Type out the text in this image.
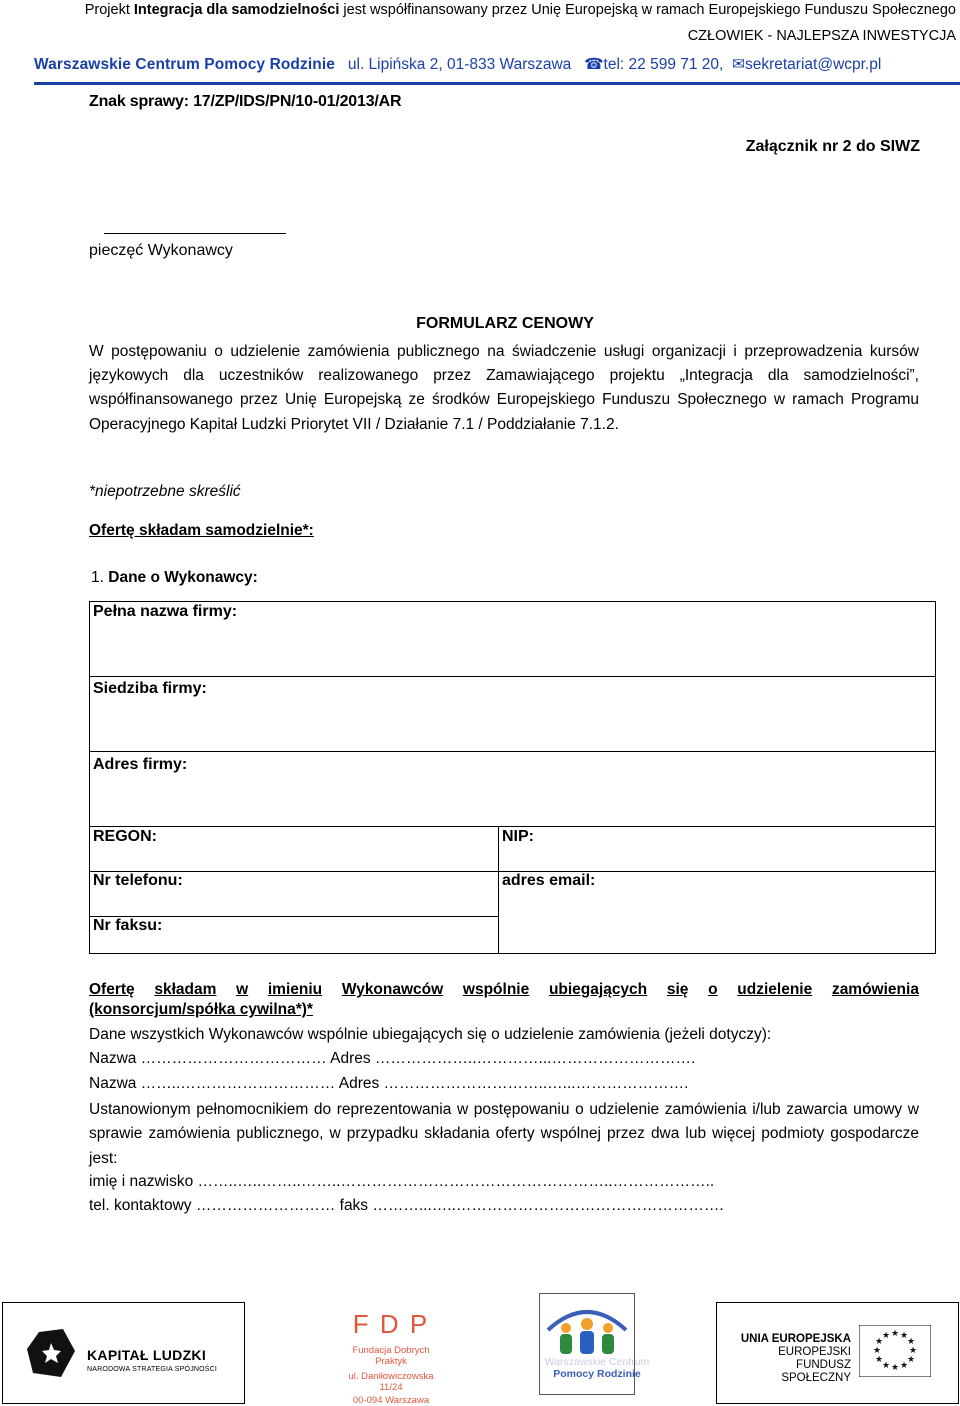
Projekt Integracja dla samodzielności jest współfinansowany przez Unię Europejską w ramach Europejskiego Funduszu Społecznego
CZŁOWIEK - NAJLEPSZA INWESTYCJA
Warszawskie Centrum Pomocy Rodzinie ul. Lipińska 2, 01-833 Warszawa ☎tel: 22 599 71 20, ✉sekretariat@wcpr.pl
Znak sprawy: 17/ZP/IDS/PN/10-01/2013/AR
Załącznik nr 2 do SIWZ
pieczęć Wykonawcy
FORMULARZ CENOWY
W postępowaniu o udzielenie zamówienia publicznego na świadczenie usługi organizacji i przeprowadzenia kursów językowych dla uczestników realizowanego przez Zamawiającego projektu „Integracja dla samodzielności”, współfinansowanego przez Unię Europejską ze środków Europejskiego Funduszu Społecznego w ramach Programu Operacyjnego Kapitał Ludzki Priorytet VII / Działanie 7.1 / Poddziałanie 7.1.2.
*niepotrzebne skreślić
Ofertę składam samodzielnie*:
1. Dane o Wykonawcy:
Pełna nazwa firmy:	
Siedziba firmy:	
Adres firmy:	
REGON:	NIP:
Nr telefonu:	adres email:
Nr faksu:	
Ofertę składam w imieniu Wykonawców wspólnie ubiegających się o udzielenie zamówienia
(konsorcjum/spółka cywilna*)*
Dane wszystkich Wykonawców wspólnie ubiegających się o udzielenie zamówienia (jeżeli dotyczy):
Nazwa ……………………………… Adres ………………..…………...……………………….
Nazwa ……..………………………… Adres …………………………..…...………………….
Ustanowionym pełnomocnikiem do reprezentowania w postępowaniu o udzielenie zamówienia i/lub zawarcia umowy w sprawie zamówienia publicznego, w przypadku składania oferty wspólnej przez dwa lub więcej podmioty gospodarcze jest:
imię i nazwisko ……..…..……..……..……………………………………………..………………..
tel. kontaktowy ……………………… faks ………...…..…………………………………………….
KAPITAŁ LUDZKI
NARODOWA STRATEGIA SPÓJNOŚCI
F D P
Fundacja Dobrych Praktyk
ul. Daniłowiczowska 11/24
00-094 Warszawa
Warszawskie Centrum
Pomocy Rodzinie
UNIA EUROPEJSKA
EUROPEJSKI
FUNDUSZ SPOŁECZNY
★ ★
★
★
★
★
★
★
★
★
★
★
